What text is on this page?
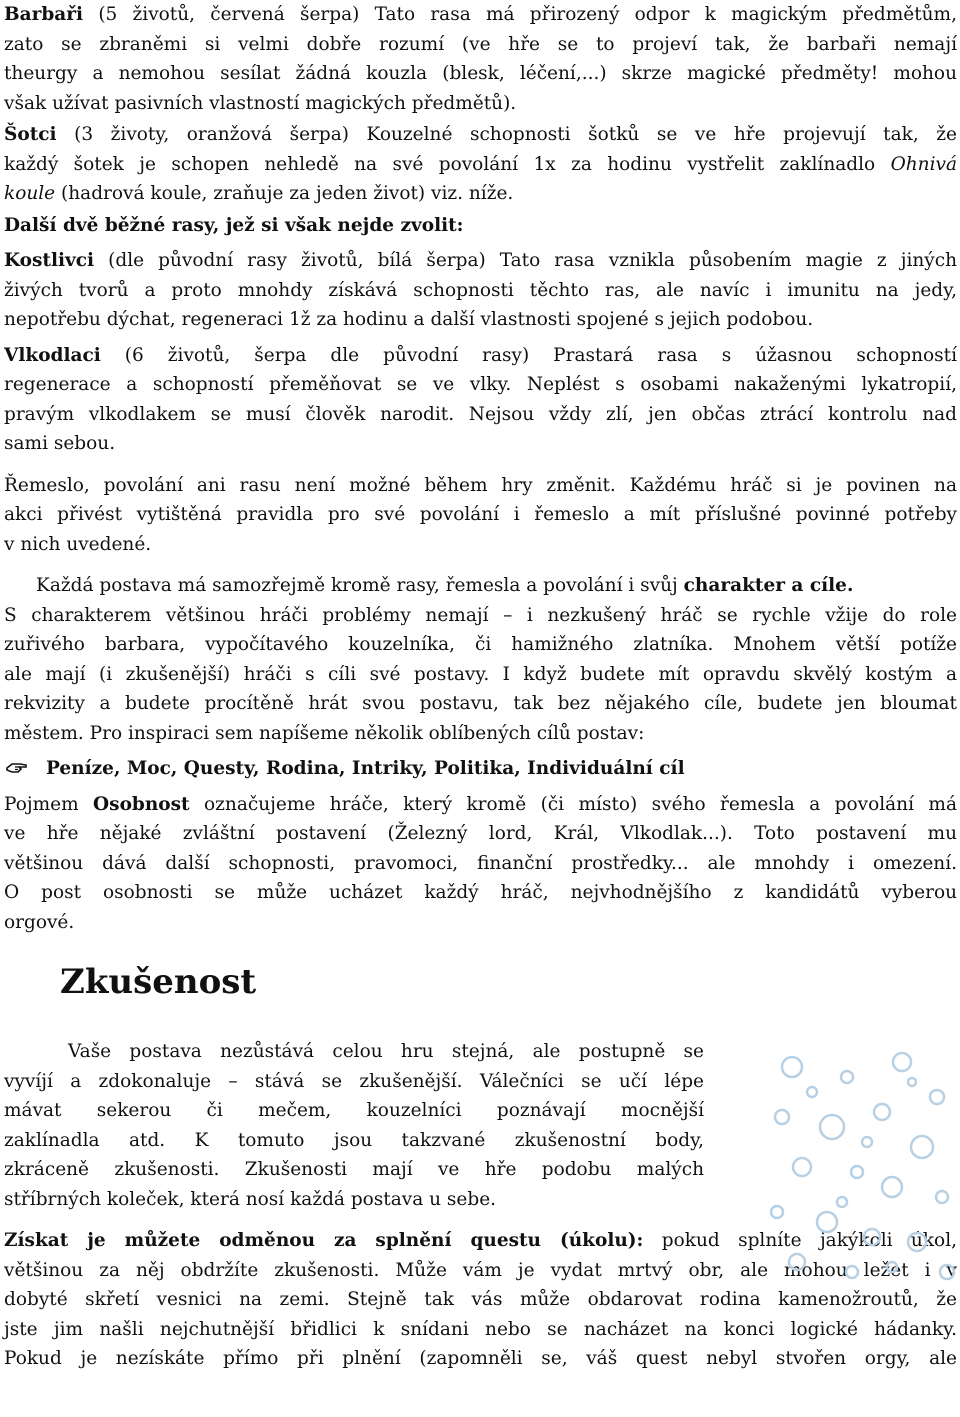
Barbaři (5 životů, červená šerpa) Tato rasa má přirozený odpor k magickým předmětům,

zato se zbraněmi si velmi dobře rozumí (ve hře se to projeví tak, že barbaři nemají

theurgy a nemohou sesílat žádná kouzla (blesk, léčení,...) skrze magické předměty! mohou

však užívat pasivních vlastností magických předmětů).

Šotci (3 životy, oranžová šerpa) Kouzelné schopnosti šotků se ve hře projevují tak, že

každý šotek je schopen nehledě na své povolání 1x za hodinu vystřelit zaklínadlo Ohnivá

koule (hadrová koule, zraňuje za jeden život) viz. níže.

Další dvě běžné rasy, jež si však nejde zvolit:

Kostlivci (dle původní rasy životů, bílá šerpa) Tato rasa vznikla působením magie z jiných

živých tvorů a proto mnohdy získává schopnosti těchto ras, ale navíc i imunitu na jedy,

nepotřebu dýchat, regeneraci 1ž za hodinu a další vlastnosti spojené s jejich podobou.

Vlkodlaci (6 životů, šerpa dle původní rasy) Prastará rasa s úžasnou schopností

regenerace a schopností přeměňovat se ve vlky. Neplést s osobami nakaženými lykatropií,

pravým vlkodlakem se musí člověk narodit. Nejsou vždy zlí, jen občas ztrácí kontrolu nad

sami sebou.

Řemeslo, povolání ani rasu není možné během hry změnit. Každému hráč si je povinen na

akci přivést vytištěná pravidla pro své povolání i řemeslo a mít příslušné povinné potřeby

v nich uvedené.

Každá postava má samozřejmě kromě rasy, řemesla a povolání i svůj charakter a cíle.

S charakterem většinou hráči problémy nemají – i nezkušený hráč se rychle vžije do role

zuřivého barbara, vypočítavého kouzelníka, či hamižného zlatníka. Mnohem větší potíže

ale mají (i zkušenější) hráči s cíli své postavy. I když budete mít opravdu skvělý kostým a

rekvizity a budete procítěně hrát svou postavu, tak bez nějakého cíle, budete jen bloumat

městem. Pro inspiraci sem napíšeme několik oblíbených cílů postav:

Peníze, Moc, Questy, Rodina, Intriky, Politika, Individuální cíl

Pojmem Osobnost označujeme hráče, který kromě (či místo) svého řemesla a povolání má

ve hře nějaké zvláštní postavení (Železný lord, Král, Vlkodlak...). Toto postavení mu

většinou dává další schopnosti, pravomoci, finanční prostředky... ale mnohdy i omezení.

O post osobnosti se může ucházet každý hráč, nejvhodnějšího z kandidátů vyberou

orgové.

Zkušenost

Vaše postava nezůstává celou hru stejná, ale postupně se

vyvíjí a zdokonaluje – stává se zkušenější. Válečníci se učí lépe

mávat sekerou či mečem, kouzelníci poznávají mocnější

zaklínadla atd. K tomuto jsou takzvané zkušenostní body,

zkráceně zkušenosti. Zkušenosti mají ve hře podobu malých

stříbrných koleček, která nosí každá postava u sebe.

Získat je můžete odměnou za splnění questu (úkolu): pokud splníte jakýkoli úkol,

většinou za něj obdržíte zkušenosti. Může vám je vydat mrtvý obr, ale mohou ležet i v

dobyté skřetí vesnici na zemi. Stejně tak vás může obdarovat rodina kamenožroutů, že

jste jim našli nejchutnější břidlici k snídani nebo se nacházet na konci logické hádanky.

Pokud je nezískáte přímo při plnění (zapomněli se, váš quest nebyl stvořen orgy, ale
